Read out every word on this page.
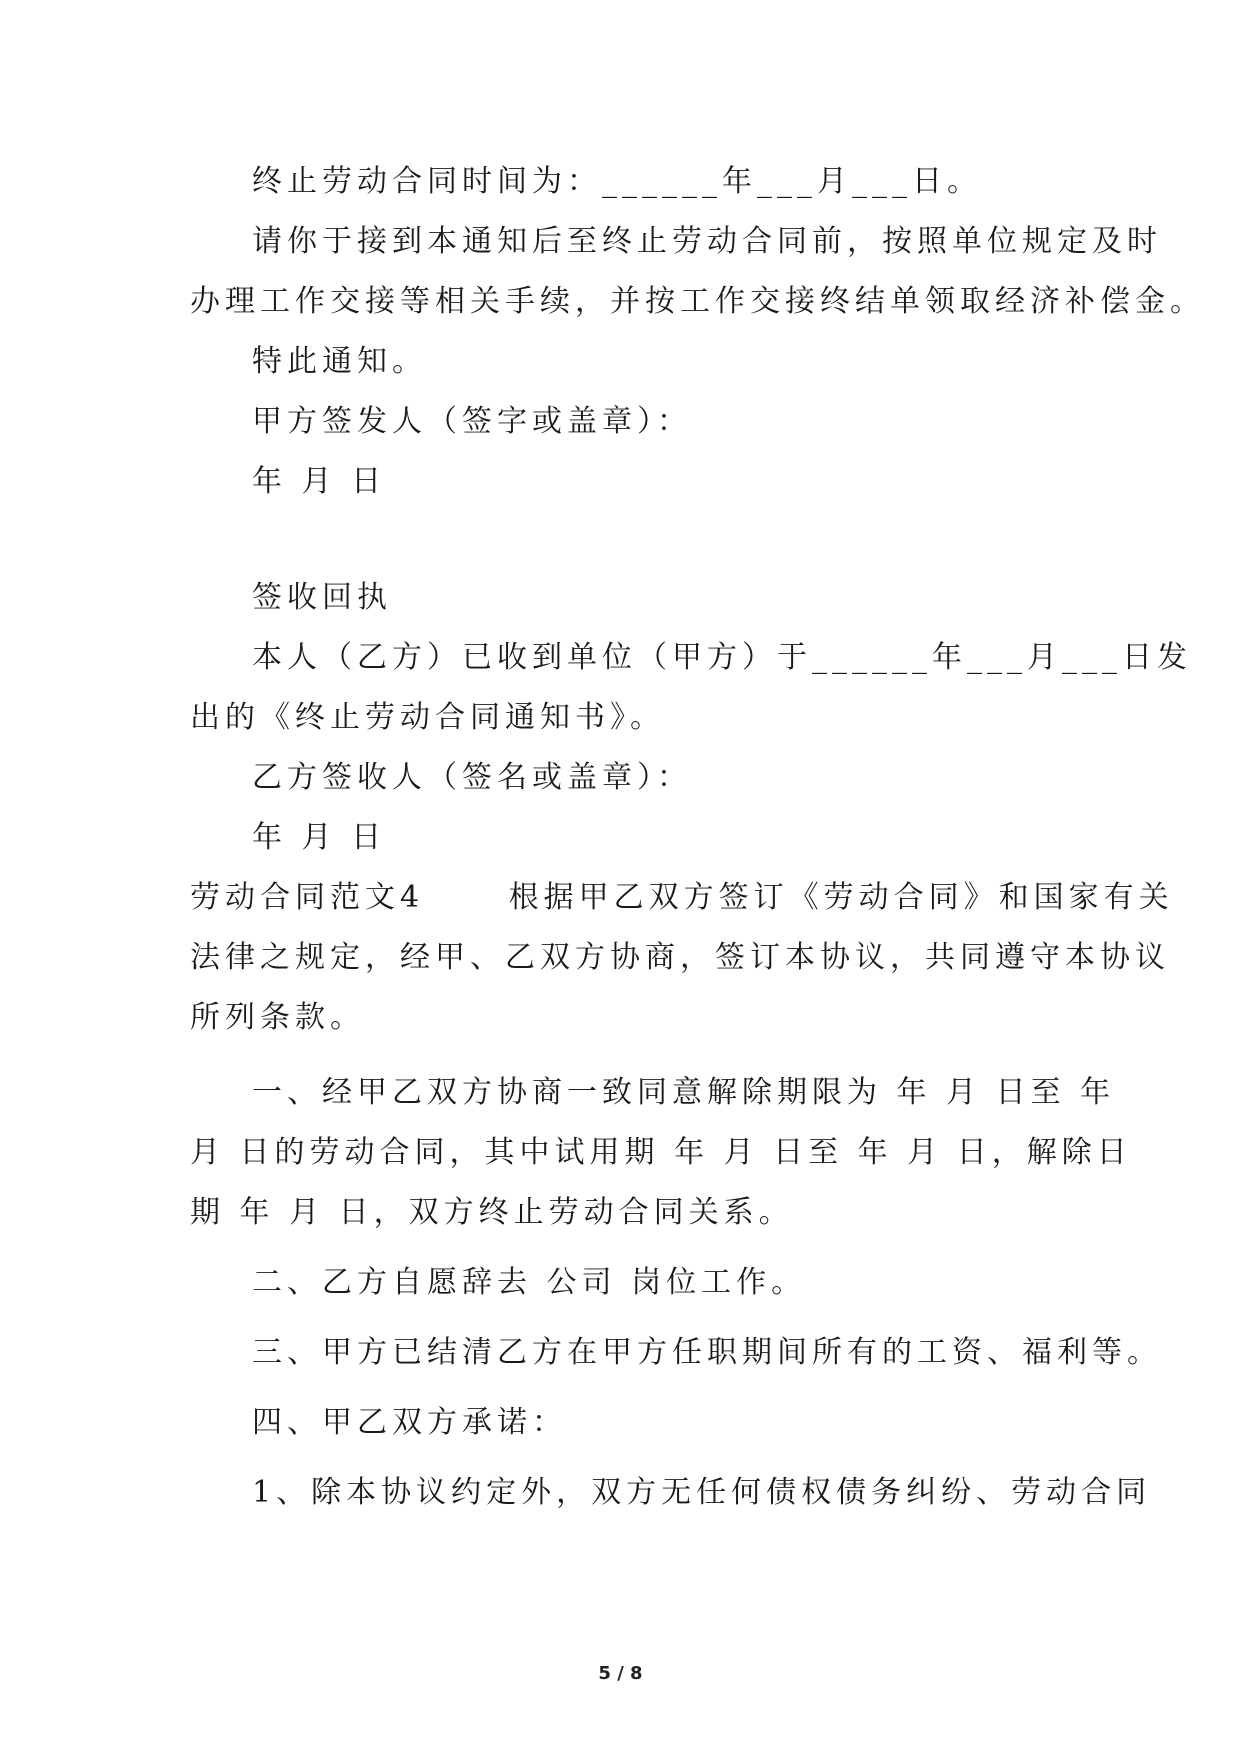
终止劳动合同时间为：______年___月___日。
请你于接到本通知后至终止劳动合同前，按照单位规定及时
办理工作交接等相关手续，并按工作交接终结单领取经济补偿金。
特此通知。
甲方签发人（签字或盖章）：
年 月 日
签收回执
本人（乙方）已收到单位（甲方）于______年___月___日发
出的《终止劳动合同通知书》。
乙方签收人（签名或盖章）：
年 月 日
劳动合同范文4　　 根据甲乙双方签订《劳动合同》和国家有关
法律之规定，经甲、乙双方协商，签订本协议，共同遵守本协议
所列条款。
一、经甲乙双方协商一致同意解除期限为 年 月 日至 年
月 日的劳动合同，其中试用期 年 月 日至 年 月 日，解除日
期 年 月 日，双方终止劳动合同关系。
二、乙方自愿辞去 公司 岗位工作。
三、甲方已结清乙方在甲方任职期间所有的工资、福利等。
四、甲乙双方承诺：
1、除本协议约定外，双方无任何债权债务纠纷、劳动合同
5 / 8
